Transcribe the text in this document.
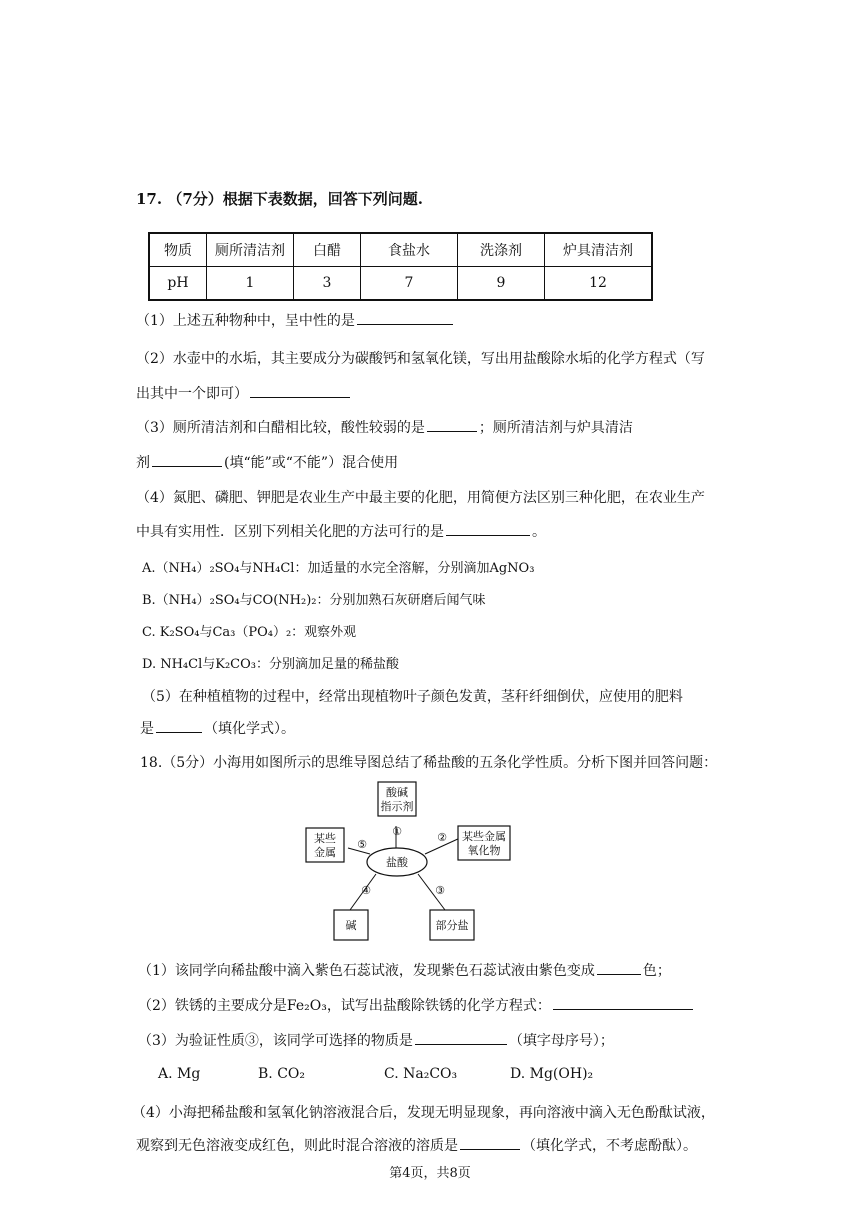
17. （7分）根据下表数据，回答下列问题.
物质	厕所清洁剂	白醋	食盐水	洗涤剂	炉具清洁剂
pH	1	3	7	9	12
（1）上述五种物种中，呈中性的是
（2）水壶中的水垢，其主要成分为碳酸钙和氢氧化镁，写出用盐酸除水垢的化学方程式（写
出其中一个即可）
（3）厕所清洁剂和白醋相比较，酸性较弱的是	；厕所清洁剂与炉具清洁
剂	(填“能”或“不能”）混合使用
（4）氮肥、磷肥、钾肥是农业生产中最主要的化肥，用简便方法区别三种化肥，在农业生产
中具有实用性．区别下列相关化肥的方法可行的是	。
A.（NH₄）₂SO₄与NH₄Cl：加适量的水完全溶解，分别滴加AgNO₃
B.（NH₄）₂SO₄与CO(NH₂)₂：分别加熟石灰研磨后闻气味
C. K₂SO₄与Ca₃（PO₄）₂：观察外观
D. NH₄Cl与K₂CO₃：分别滴加足量的稀盐酸
（5）在种植植物的过程中，经常出现植物叶子颜色发黄，茎秆纤细倒伏，应使用的肥料
是	（填化学式）。
18.（5分）小海用如图所示的思维导图总结了稀盐酸的五条化学性质。分析下图并回答问题：
盐酸
酸碱
指示剂
某些金属
氧化物
某些
金属
碱	部分盐
①	②
③
④
⑤
（1）该同学向稀盐酸中滴入紫色石蕊试液，发现紫色石蕊试液由紫色变成	色；
（2）铁锈的主要成分是Fe₂O₃，试写出盐酸除铁锈的化学方程式：
（3）为验证性质③，该同学可选择的物质是	（填字母序号）；
A. Mg	B. CO₂	C. Na₂CO₃	D. Mg(OH)₂
（4）小海把稀盐酸和氢氧化钠溶液混合后，发现无明显现象，再向溶液中滴入无色酚酞试液，
观察到无色溶液变成红色，则此时混合溶液的溶质是	（填化学式，不考虑酚酞）。
第4页，共8页
